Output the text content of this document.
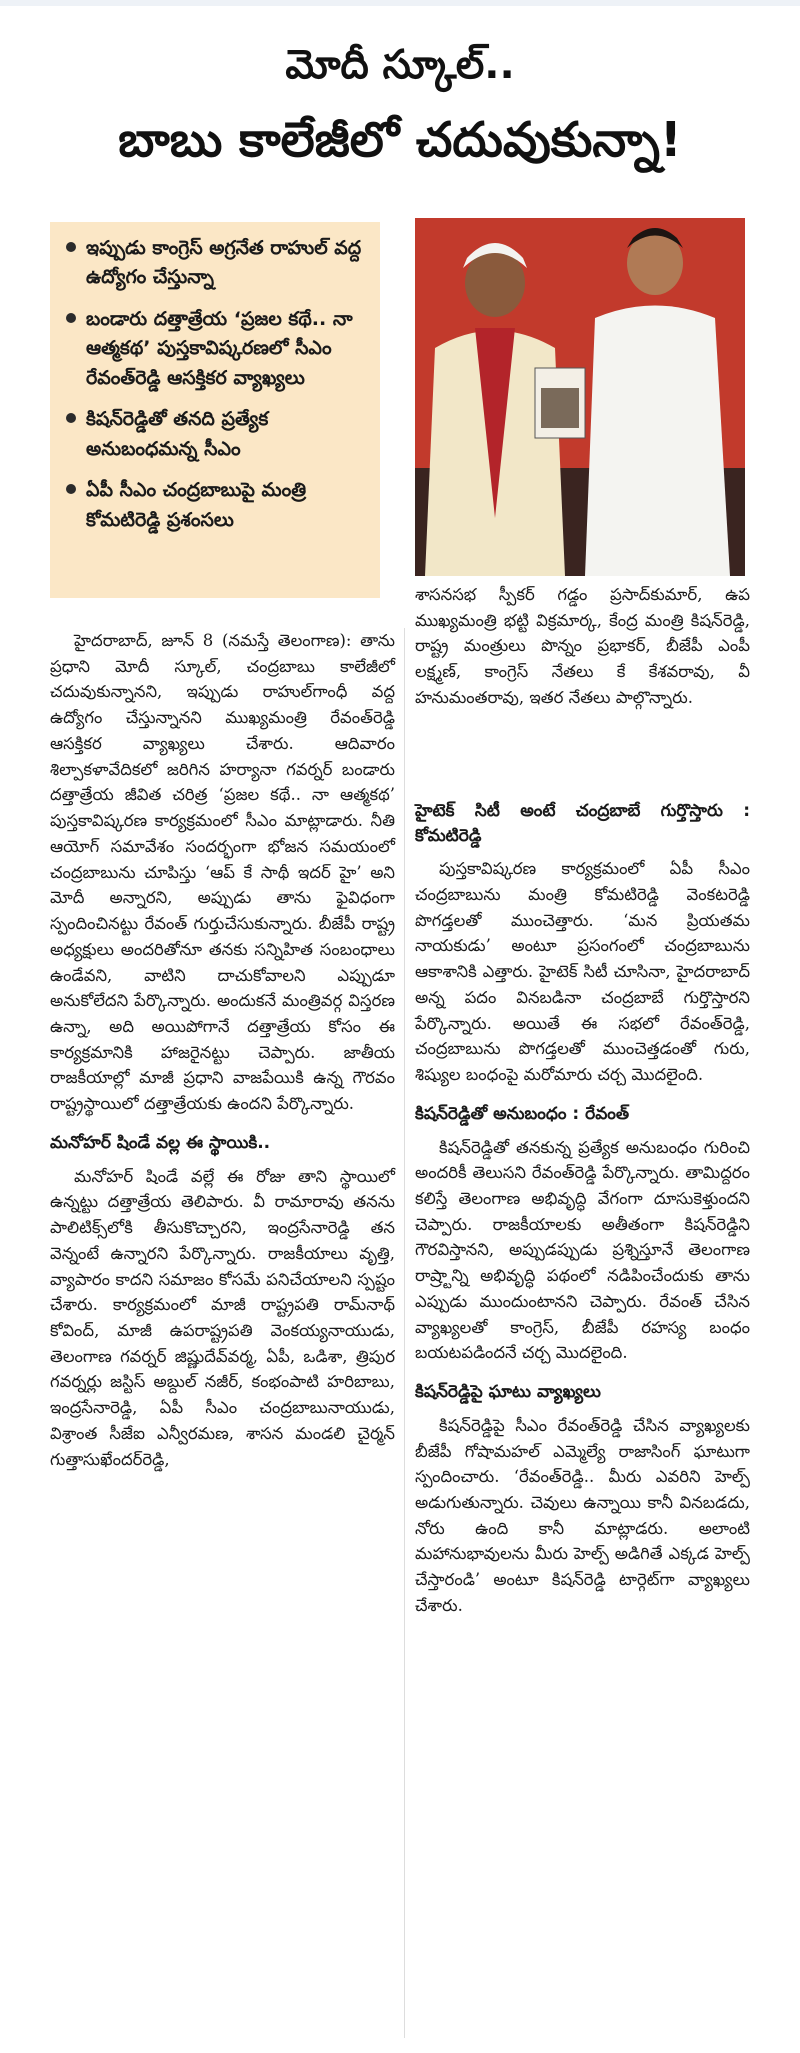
మోదీ స్కూల్..
బాబు కాలేజీలో చదువుకున్నా!
ఇప్పుడు కాంగ్రెస్ అగ్రనేత రాహుల్ వద్ద ఉద్యోగం చేస్తున్నా
బండారు దత్తాత్రేయ ‘ప్రజల కథే.. నా ఆత్మకథ’ పుస్తకావిష్కరణలో సీఎం రేవంత్‌రెడ్డి ఆసక్తికర వ్యాఖ్యలు
కిషన్‌రెడ్డితో తనది ప్రత్యేక అనుబంధమన్న సీఎం
ఏపీ సీఎం చంద్రబాబుపై మంత్రి కోమటిరెడ్డి ప్రశంసలు

శాసనసభ స్పీకర్ గడ్డం ప్రసాద్‌కుమార్, ఉప ముఖ్యమంత్రి భట్టి విక్రమార్క, కేంద్ర మంత్రి కిషన్‌రెడ్డి, రాష్ట్ర మంత్రులు పొన్నం ప్రభాకర్, బీజేపీ ఎంపీ లక్ష్మణ్, కాంగ్రెస్ నేతలు కే కేశవరావు, వీ హనుమంతరావు, ఇతర నేతలు పాల్గొన్నారు.

హైదరాబాద్, జూన్ 8 (నమస్తే తెలంగాణ): తాను ప్రధాని మోదీ స్కూల్, చంద్రబాబు కాలేజీలో చదువుకున్నానని, ఇప్పుడు రాహుల్‌గాంధీ వద్ద ఉద్యోగం చేస్తున్నానని ముఖ్యమంత్రి రేవంత్‌రెడ్డి ఆసక్తికర వ్యాఖ్యలు చేశారు. ఆదివారం శిల్పాకళావేదికలో జరిగిన హర్యానా గవర్నర్ బండారు దత్తాత్రేయ జీవిత చరిత్ర ‘ప్రజల కథే.. నా ఆత్మకథ’ పుస్తకావిష్కరణ కార్యక్రమంలో సీఎం మాట్లాడారు. నీతి ఆయోగ్ సమావేశం సందర్భంగా భోజన సమయంలో చంద్రబాబును చూపిస్తు ‘ఆప్ కే సాథీ ఇదర్ హై’ అని మోదీ అన్నారని, అప్పుడు తాను ఫైవిధంగా స్పందించినట్టు రేవంత్ గుర్తుచేసుకున్నారు. బీజేపీ రాష్ట్ర అధ్యక్షులు అందరితోనూ తనకు సన్నిహిత సంబంధాలు ఉండేవని, వాటిని దాచుకోవాలని ఎప్పుడూ అనుకోలేదని పేర్కొన్నారు. అందుకనే మంత్రివర్గ విస్తరణ ఉన్నా, అది అయిపోగానే దత్తాత్రేయ కోసం ఈ కార్యక్రమానికి హాజరైనట్టు చెప్పారు. జాతీయ రాజకీయాల్లో మాజీ ప్రధాని వాజపేయికి ఉన్న గౌరవం రాష్ట్రస్థాయిలో దత్తాత్రేయకు ఉందని పేర్కొన్నారు.

మనోహర్ షిండే వల్ల ఈ స్థాయికి..

మనోహర్ షిండే వల్లే ఈ రోజు తాని స్థాయిలో ఉన్నట్టు దత్తాత్రేయ తెలిపారు. వీ రామారావు తనను పాలిటిక్స్‌లోకి తీసుకొచ్చారని, ఇంద్రసేనారెడ్డి తన వెన్నంటే ఉన్నారని పేర్కొన్నారు. రాజకీయాలు వృత్తి, వ్యాపారం కాదని సమాజం కోసమే పనిచేయాలని స్పష్టం చేశారు. కార్యక్రమంలో మాజీ రాష్ట్రపతి రామ్‌నాథ్ కోవింద్, మాజీ ఉపరాష్ట్రపతి వెంకయ్యనాయుడు, తెలంగాణ గవర్నర్ జిష్ణుదేవ్‌వర్మ, ఏపీ, ఒడిశా, త్రిపుర గవర్నర్లు జస్టిస్ అబ్దుల్ నజీర్, కంభంపాటి హరిబాబు, ఇంద్రసేనారెడ్డి, ఏపీ సీఎం చంద్రబాబునాయుడు, విశ్రాంత సీజేఐ ఎన్వీరమణ, శాసన మండలి చైర్మన్ గుత్తాసుఖేందర్‌రెడ్డి,

హైటెక్ సిటీ అంటే చంద్రబాబే గుర్తొస్తారు : కోమటిరెడ్డి

పుస్తకావిష్కరణ కార్యక్రమంలో ఏపీ సీఎం చంద్రబాబును మంత్రి కోమటిరెడ్డి వెంకటరెడ్డి పొగడ్తలతో ముంచెత్తారు. ‘మన ప్రియతమ నాయకుడు’ అంటూ ప్రసంగంలో చంద్రబాబును ఆకాశానికి ఎత్తారు. హైటెక్ సిటీ చూసినా, హైదరాబాద్ అన్న పదం వినబడినా చంద్రబాబే గుర్తొస్తారని పేర్కొన్నారు. అయితే ఈ సభలో రేవంత్‌రెడ్డి, చంద్రబాబును పొగడ్తలతో ముంచెత్తడంతో గురు, శిష్యుల బంధంపై మరోమారు చర్చ మొదలైంది.

కిషన్‌రెడ్డితో అనుబంధం : రేవంత్

కిషన్‌రెడ్డితో తనకున్న ప్రత్యేక అనుబంధం గురించి అందరికీ తెలుసని రేవంత్‌రెడ్డి పేర్కొన్నారు. తామిద్దరం కలిస్తే తెలంగాణ అభివృద్ధి వేగంగా దూసుకెళ్తుందని చెప్పారు. రాజకీయాలకు అతీతంగా కిషన్‌రెడ్డిని గౌరవిస్తానని, అప్పుడప్పుడు ప్రశ్నిస్తూనే తెలంగాణ రాష్ర్టాన్ని అభివృద్ధి పథంలో నడిపించేందుకు తాను ఎప్పుడు ముందుంటానని చెప్పారు. రేవంత్ చేసిన వ్యాఖ్యలతో కాంగ్రెస్, బీజేపీ రహస్య బంధం బయటపడిందనే చర్చ మొదలైంది.

కిషన్‌రెడ్డిపై ఘాటు వ్యాఖ్యలు

కిషన్‌రెడ్డిపై సీఎం రేవంత్‌రెడ్డి చేసిన వ్యాఖ్యలకు బీజేపీ గోషామహల్ ఎమ్మెల్యే రాజాసింగ్ ఘాటుగా స్పందించారు. ‘రేవంత్‌రెడ్డి.. మీరు ఎవరిని హెల్ప్ అడుగుతున్నారు. చెవులు ఉన్నాయి కానీ వినబడదు, నోరు ఉంది కానీ మాట్లాడరు. అలాంటి మహానుభావులను మీరు హెల్ప్ అడిగితే ఎక్కడ హెల్ప్ చేస్తారండి’ అంటూ కిషన్‌రెడ్డి టార్గెట్‌గా వ్యాఖ్యలు చేశారు.
